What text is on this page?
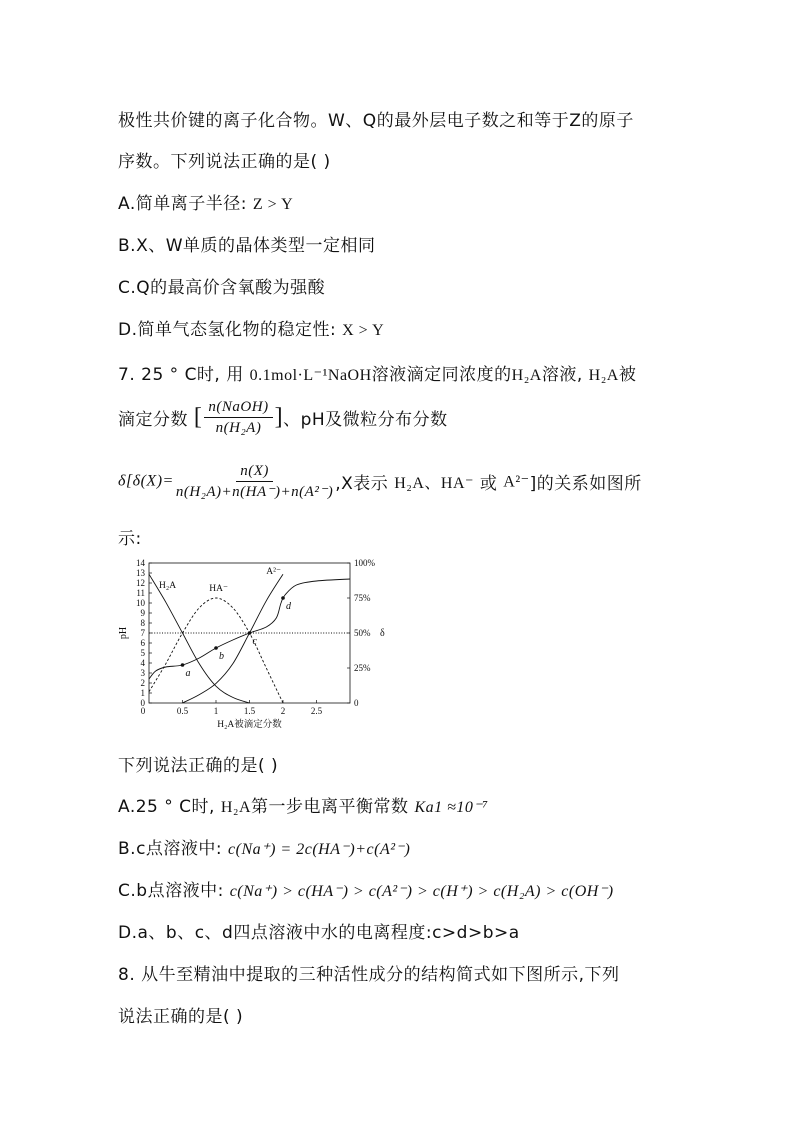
极性共价键的离子化合物。W、Q的最外层电子数之和等于Z的原子
序数。下列说法正确的是( )
A.简单离子半径: Z > Y
B.X、W单质的晶体类型一定相同
C.Q的最高价含氧酸为强酸
D.简单气态氢化物的稳定性: X > Y
7. 25 ° C时, 用 0.1mol·L⁻¹NaOH溶液滴定同浓度的H₂A溶液, H₂A被
滴定分数 [ $\frac{\text{n(NaOH)}}{\text{n(H₂A)}}$ ]、pH及微粒分布分数
$\delta[\delta(X)= \frac{n(X)}{\text{n(H₂A)+n(HA⁻)+n(A²⁻)}} ,X$表示 H₂A、HA⁻ 或 A²⁻]的关系如图所
示:
0
1
2
3
4
5
6
7
8
9
10
11
12
13
14
0
25%
50%
75%
100%
0.5	1	1.5	2	2.5
0
H₂A被滴定分数
pH	δ
a
b
c
d
H₂A	HA⁻
A²⁻
下列说法正确的是( )
A.25 ° C时, H₂A第一步电离平衡常数 Ka1 ≈10⁻⁷
B.c点溶液中: c(Na⁺) = 2c(HA⁻)+c(A²⁻)
C.b点溶液中: c(Na⁺) > c(HA⁻) > c(A²⁻) > c(H⁺) > c(H₂A) > c(OH⁻)
D.a、b、c、d四点溶液中水的电离程度:c>d>b>a
8. 从牛至精油中提取的三种活性成分的结构简式如下图所示,下列
说法正确的是( )
